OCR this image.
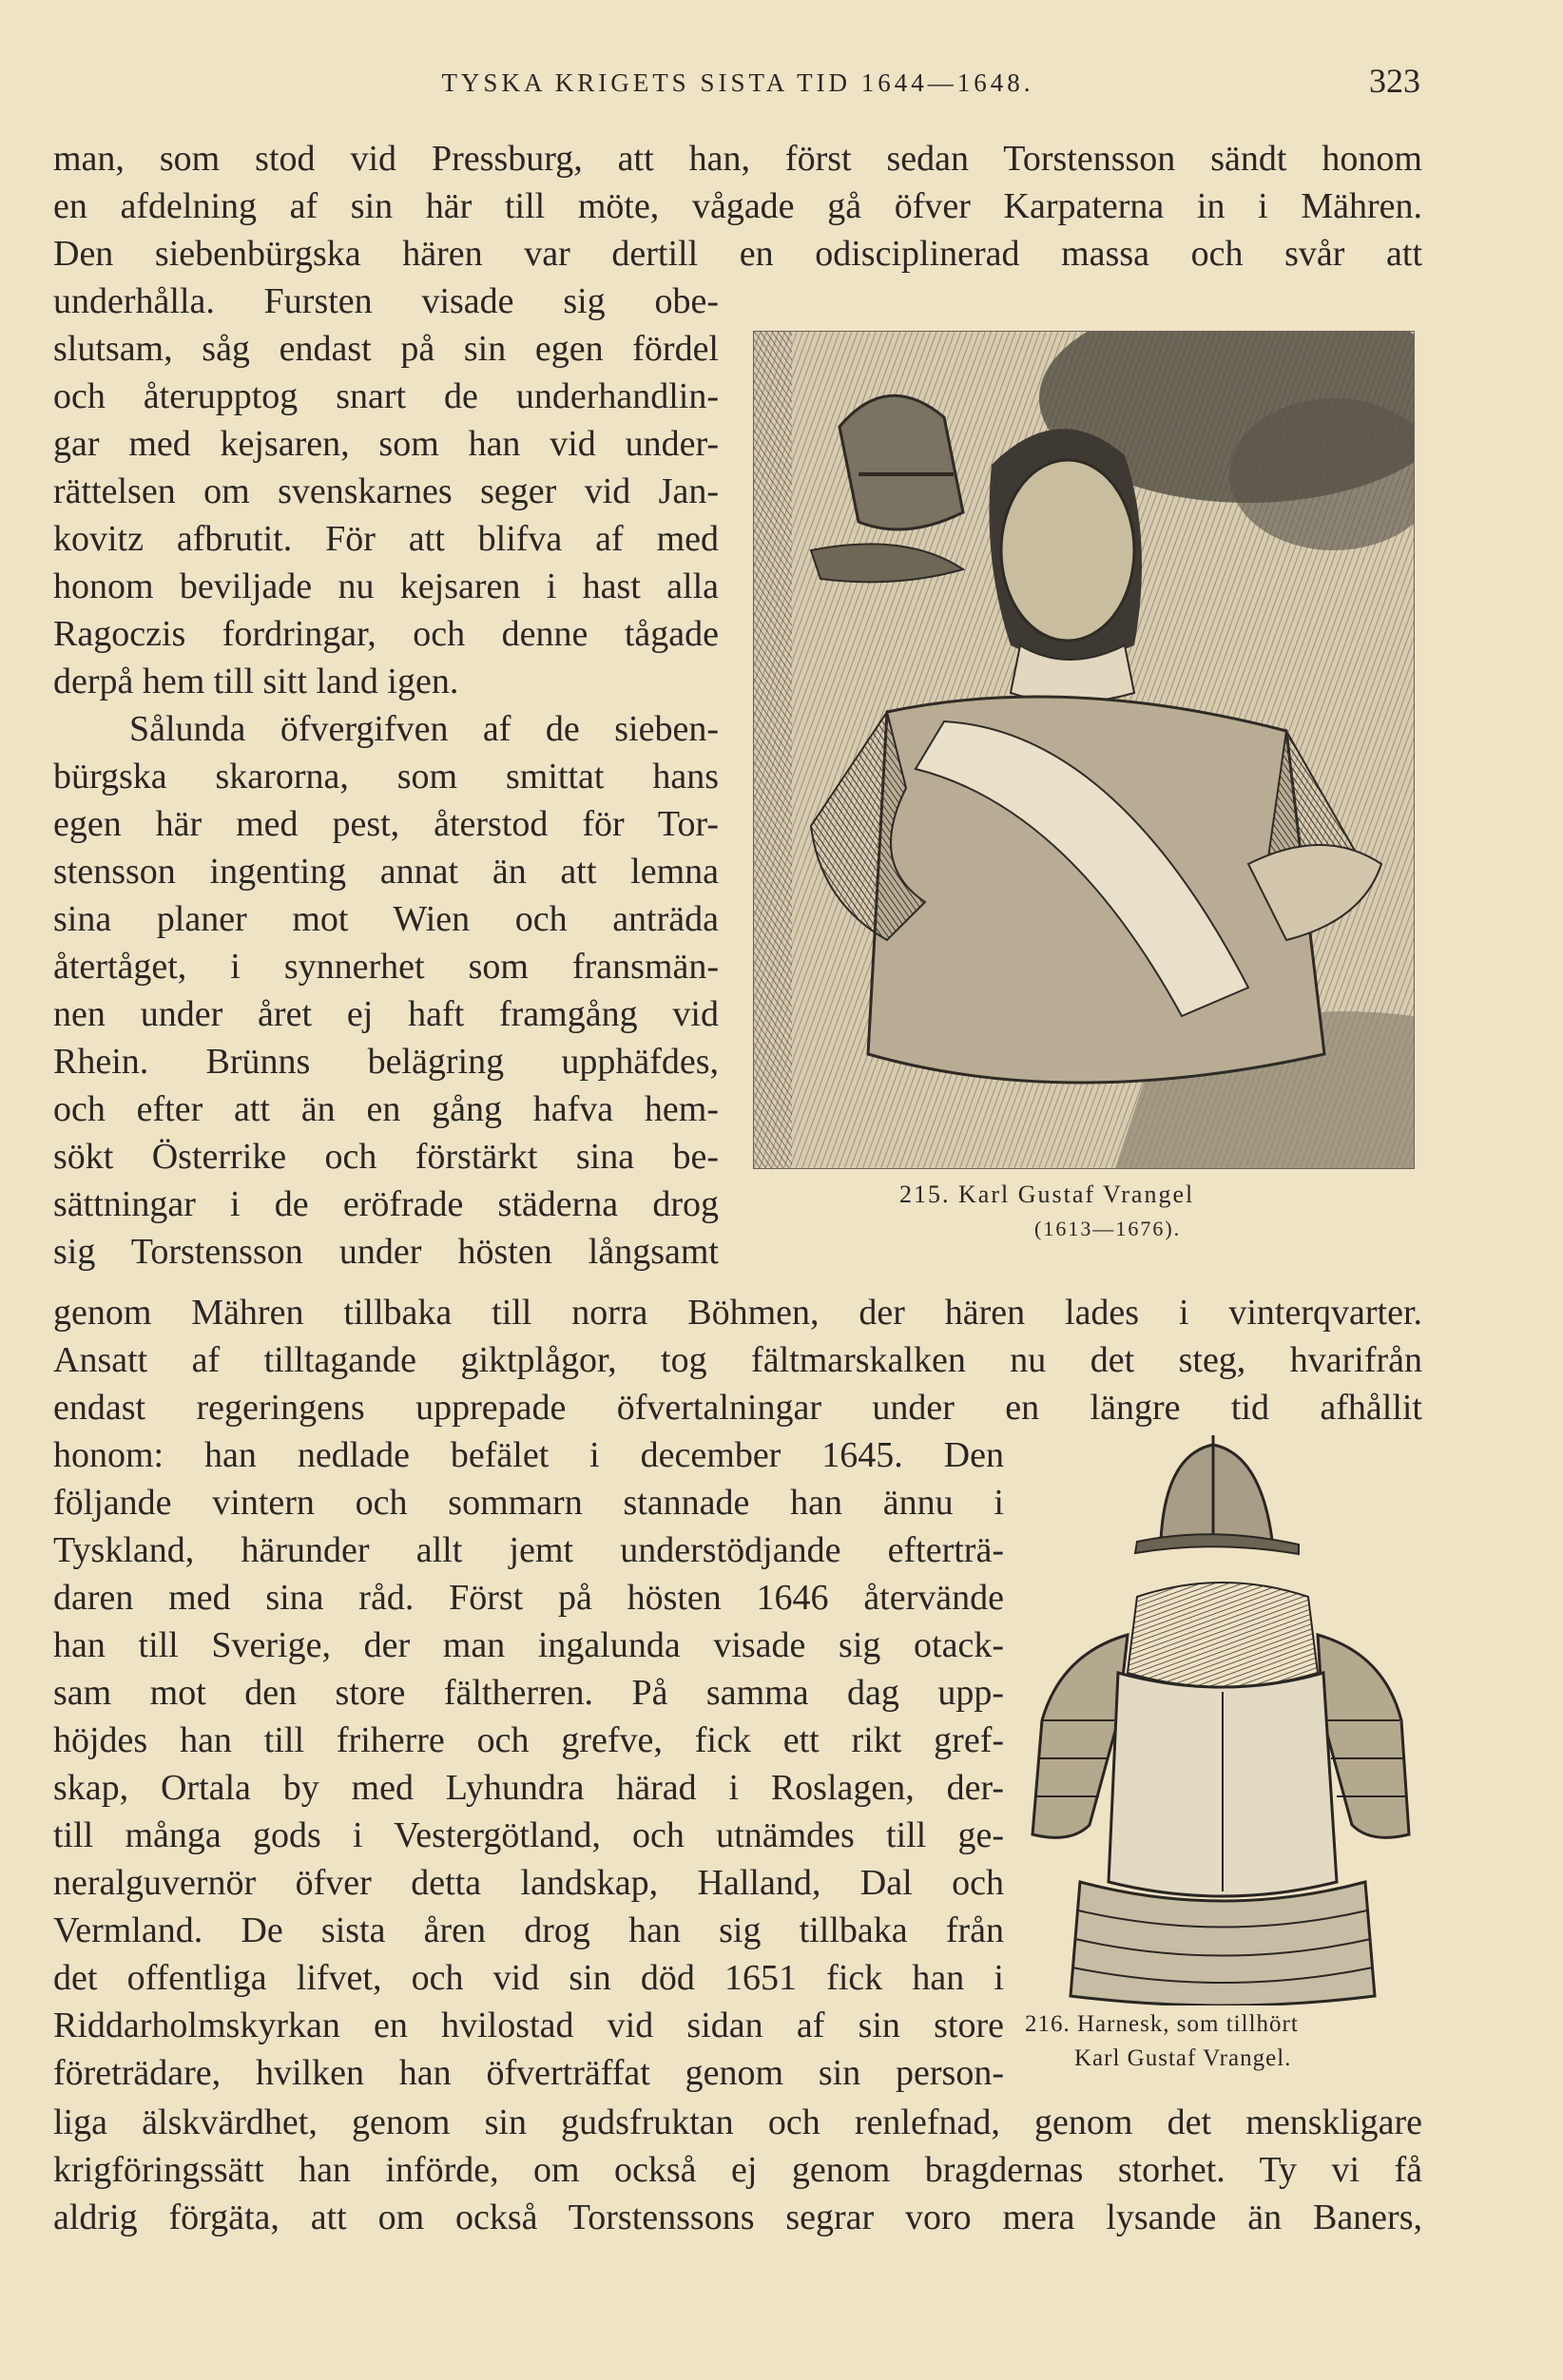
TYSKA KRIGETS SISTA TID 1644—1648.	323
man, som stod vid Pressburg, att han, först sedan Torstensson sändt honom
en afdelning af sin här till möte, vågade gå öfver Karpaterna in i Mähren.
Den siebenbürgska hären var dertill en odisciplinerad massa och svår att
underhålla. Fursten visade sig obe-
slutsam, såg endast på sin egen fördel
och återupptog snart de underhandlin-
gar med kejsaren, som han vid under-
rättelsen om svenskarnes seger vid Jan-
kovitz afbrutit. För att blifva af med
honom beviljade nu kejsaren i hast alla
Ragoczis fordringar, och denne tågade
derpå hem till sitt land igen.
Sålunda öfvergifven af de sieben-
bürgska skarorna, som smittat hans
egen här med pest, återstod för Tor-
stensson ingenting annat än att lemna
sina planer mot Wien och anträda
återtåget, i synnerhet som fransmän-
nen under året ej haft framgång vid
Rhein. Brünns belägring upphäfdes,
och efter att än en gång hafva hem-
sökt Österrike och förstärkt sina be-
sättningar i de eröfrade städerna drog
sig Torstensson under hösten långsamt
215. Karl Gustaf Vrangel
(1613—1676).
genom Mähren tillbaka till norra Böhmen, der hären lades i vinterqvarter.
Ansatt af tilltagande giktplågor, tog fältmarskalken nu det steg, hvarifrån
endast regeringens upprepade öfvertalningar under en längre tid afhållit
honom: han nedlade befälet i december 1645. Den
följande vintern och sommarn stannade han ännu i
Tyskland, härunder allt jemt understödjande efterträ-
daren med sina råd. Först på hösten 1646 återvände
han till Sverige, der man ingalunda visade sig otack-
sam mot den store fältherren. På samma dag upp-
höjdes han till friherre och grefve, fick ett rikt gref-
skap, Ortala by med Lyhundra härad i Roslagen, der-
till många gods i Vestergötland, och utnämdes till ge-
neralguvernör öfver detta landskap, Halland, Dal och
Vermland. De sista åren drog han sig tillbaka från
det offentliga lifvet, och vid sin död 1651 fick han i
Riddarholmskyrkan en hvilostad vid sidan af sin store
företrädare, hvilken han öfverträffat genom sin person-
216. Harnesk, som tillhört
Karl Gustaf Vrangel.
liga älskvärdhet, genom sin gudsfruktan och renlefnad, genom det menskligare
krigföringssätt han införde, om också ej genom bragdernas storhet. Ty vi få
aldrig förgäta, att om också Torstenssons segrar voro mera lysande än Baners,
